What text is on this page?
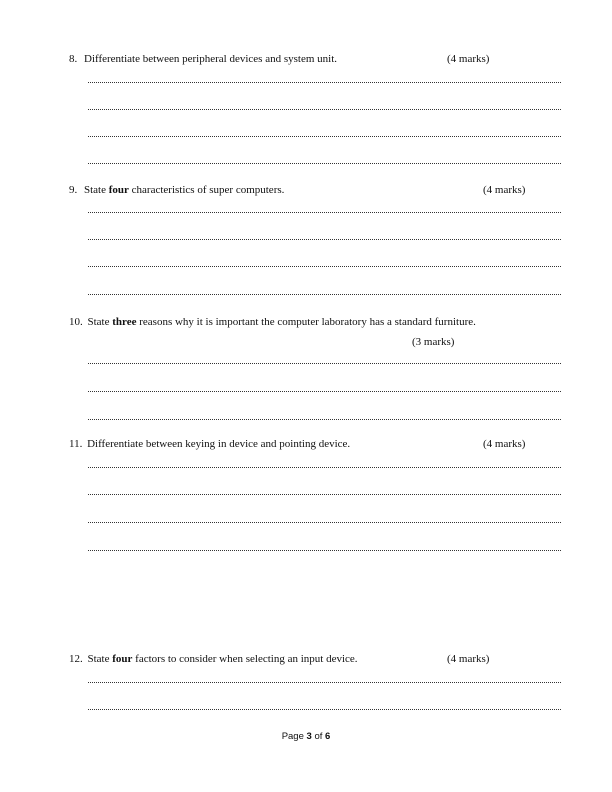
8. Differentiate between peripheral devices and system unit.	(4 marks)
9. State four characteristics of super computers.	(4 marks)
10. State three reasons why it is important the computer laboratory has a standard furniture.
(3 marks)
11. Differentiate between keying in device and pointing device.	(4 marks)
12. State four factors to consider when selecting an input device.	(4 marks)
Page 3 of 6
